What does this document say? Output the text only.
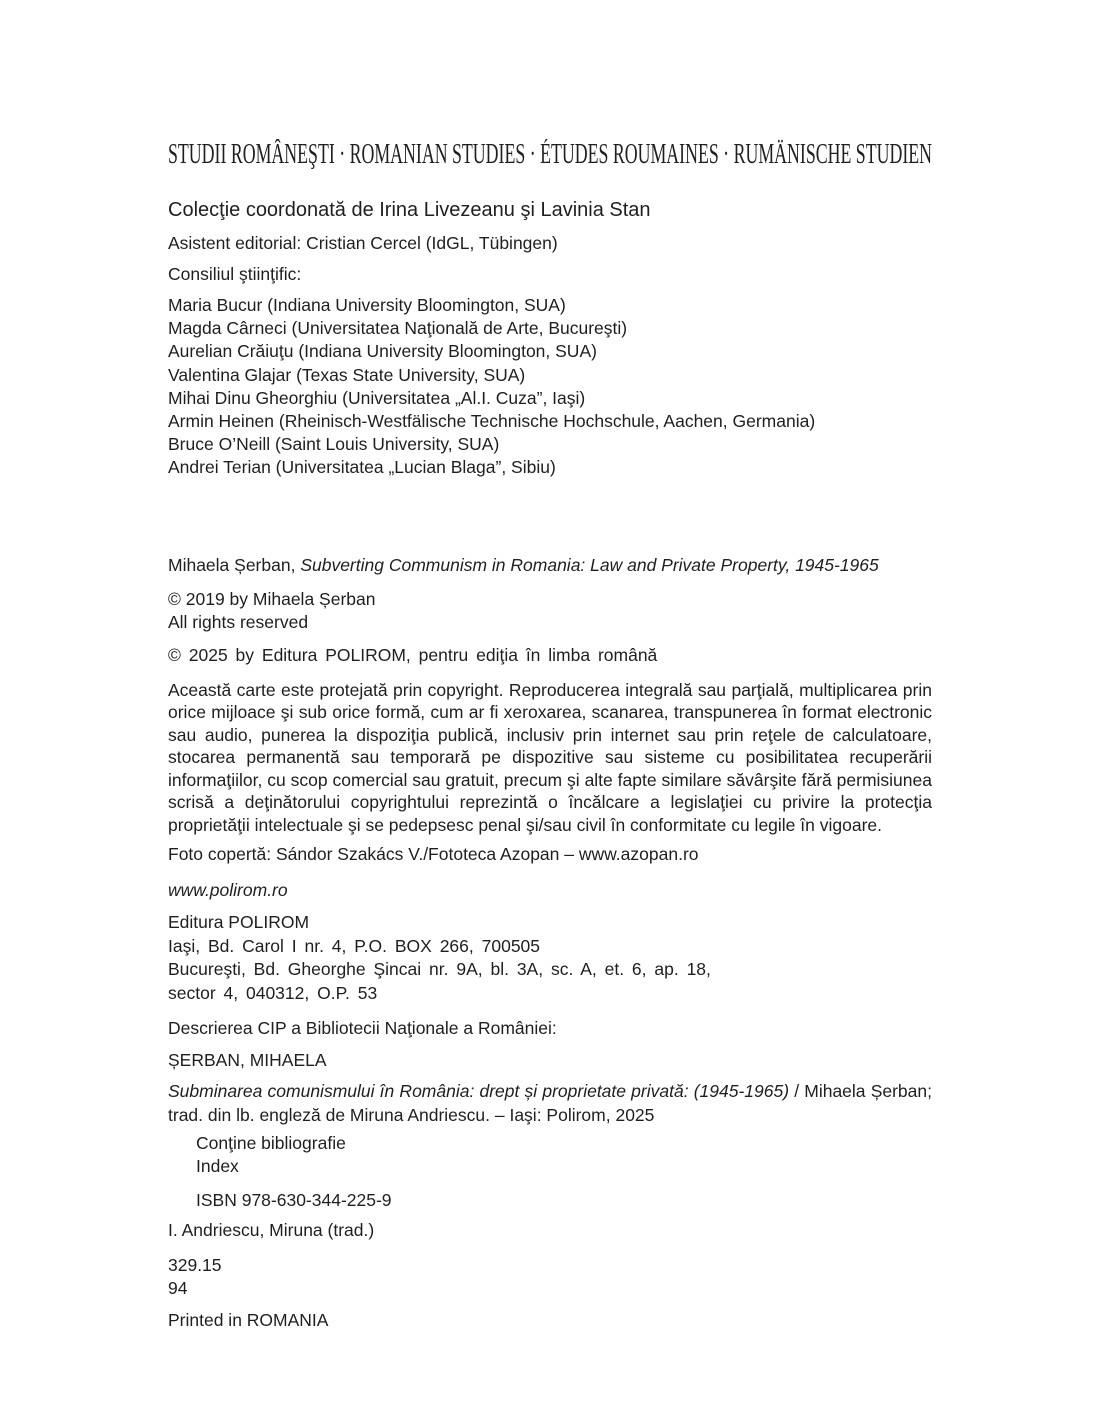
STUDII ROMÂNEŞTI · ROMANIAN STUDIES · ÉTUDES ROUMAINES · RUMÄNISCHE STUDIEN

Colecţie coordonată de Irina Livezeanu şi Lavinia Stan

Asistent editorial: Cristian Cercel (IdGL, Tübingen)

Consiliul ştiinţific:

Maria Bucur (Indiana University Bloomington, SUA)
Magda Cârneci (Universitatea Naţională de Arte, Bucureşti)
Aurelian Crăiuţu (Indiana University Bloomington, SUA)
Valentina Glajar (Texas State University, SUA)
Mihai Dinu Gheorghiu (Universitatea „Al.I. Cuza”, Iaşi)
Armin Heinen (Rheinisch-Westfälische Technische Hochschule, Aachen, Germania)
Bruce O’Neill (Saint Louis University, SUA)
Andrei Terian (Universitatea „Lucian Blaga”, Sibiu)

Mihaela Șerban, Subverting Communism in Romania: Law and Private Property, 1945-1965

© 2019 by Mihaela Șerban
All rights reserved

© 2025 by Editura POLIROM, pentru ediţia în limba română

Această carte este protejată prin copyright. Reproducerea integrală sau parţială, multiplicarea prin orice mijloace şi sub orice formă, cum ar fi xeroxarea, scanarea, transpunerea în format electronic sau audio, punerea la dispoziţia publică, inclusiv prin internet sau prin reţele de calculatoare, stocarea permanentă sau temporară pe dispozitive sau sisteme cu posibilitatea recuperării informaţiilor, cu scop comercial sau gratuit, precum şi alte fapte similare săvârşite fără permisiunea scrisă a deţinătorului copyrightului reprezintă o încălcare a legislaţiei cu privire la protecţia proprietăţii intelectuale şi se pedepsesc penal şi/sau civil în conformitate cu legile în vigoare.

Foto copertă: Sándor Szakács V./Fototeca Azopan – www.azopan.ro

www.polirom.ro

Editura POLIROM
Iaşi, Bd. Carol I nr. 4, P.O. BOX 266, 700505
Bucureşti, Bd. Gheorghe Şincai nr. 9A, bl. 3A, sc. A, et. 6, ap. 18,
sector 4, 040312, O.P. 53

Descrierea CIP a Bibliotecii Naţionale a României:

ȘERBAN, MIHAELA

Subminarea comunismului în România: drept și proprietate privată: (1945-1965) / Mihaela Șerban; trad. din lb. engleză de Miruna Andriescu. – Iaşi: Polirom, 2025

Conţine bibliografie
Index

ISBN 978-630-344-225-9

I. Andriescu, Miruna (trad.)

329.15
94

Printed in ROMANIA
